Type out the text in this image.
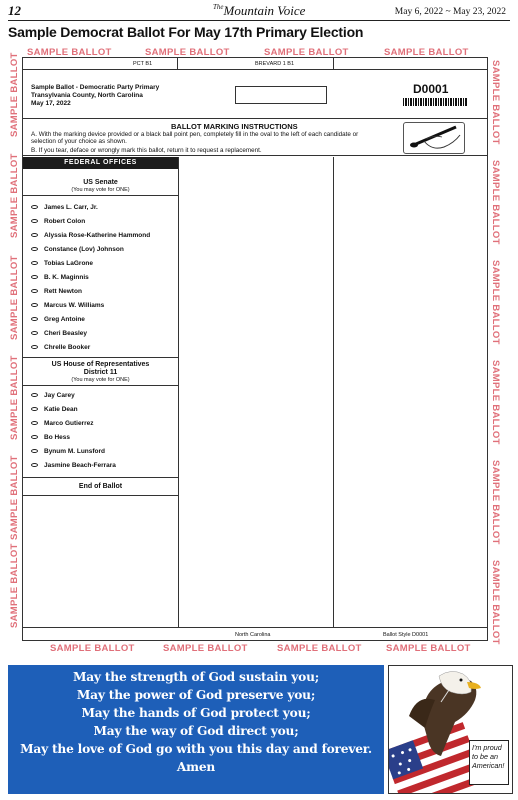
12	$^{The}$Mountain Voice	May 6, 2022 ~ May 23, 2022
Sample Democrat Ballot For May 17th Primary Election
SAMPLE BALLOT	SAMPLE BALLOT	SAMPLE BALLOT	SAMPLE BALLOT
SAMPLE BALLOT	SAMPLE BALLOT	SAMPLE BALLOT	SAMPLE BALLOT
SAMPLE BALLOT
SAMPLE BALLOT
SAMPLE BALLOT
SAMPLE BALLOT
SAMPLE BALLOT
SAMPLE BALLOT
SAMPLE BALLOT
SAMPLE BALLOT
SAMPLE BALLOT
SAMPLE BALLOT
SAMPLE BALLOT
SAMPLE BALLOT
PCT B1	BREVARD 1 B1
Sample Ballot - Democratic Party Primary
Transylvania County, North Carolina
May 17, 2022
D0001
BALLOT MARKING INSTRUCTIONS
A. With the marking device provided or a black ball point pen, completely fill in the oval to the left of each candidate or selection of your choice as shown.
B. If you tear, deface or wrongly mark this ballot, return it to request a replacement.
FEDERAL OFFICES
US Senate
(You may vote for ONE)
James L. Carr, Jr.
Robert Colon
Alyssia Rose-Katherine Hammond
Constance (Lov) Johnson
Tobias LaGrone
B. K. Maginnis
Rett Newton
Marcus W. Williams
Greg Antoine
Cheri Beasley
Chrelle Booker
US House of Representatives
District 11
(You may vote for ONE)
Jay Carey
Katie Dean
Marco Gutierrez
Bo Hess
Bynum M. Lunsford
Jasmine Beach-Ferrara
End of Ballot
North Carolina	Ballot Style D0001
May the strength of God sustain you;
May the power of God preserve you;
May the hands of God protect you;
May the way of God direct you;
May the love of God go with you this day and forever.
Amen
I'm proud
to be an
American!
